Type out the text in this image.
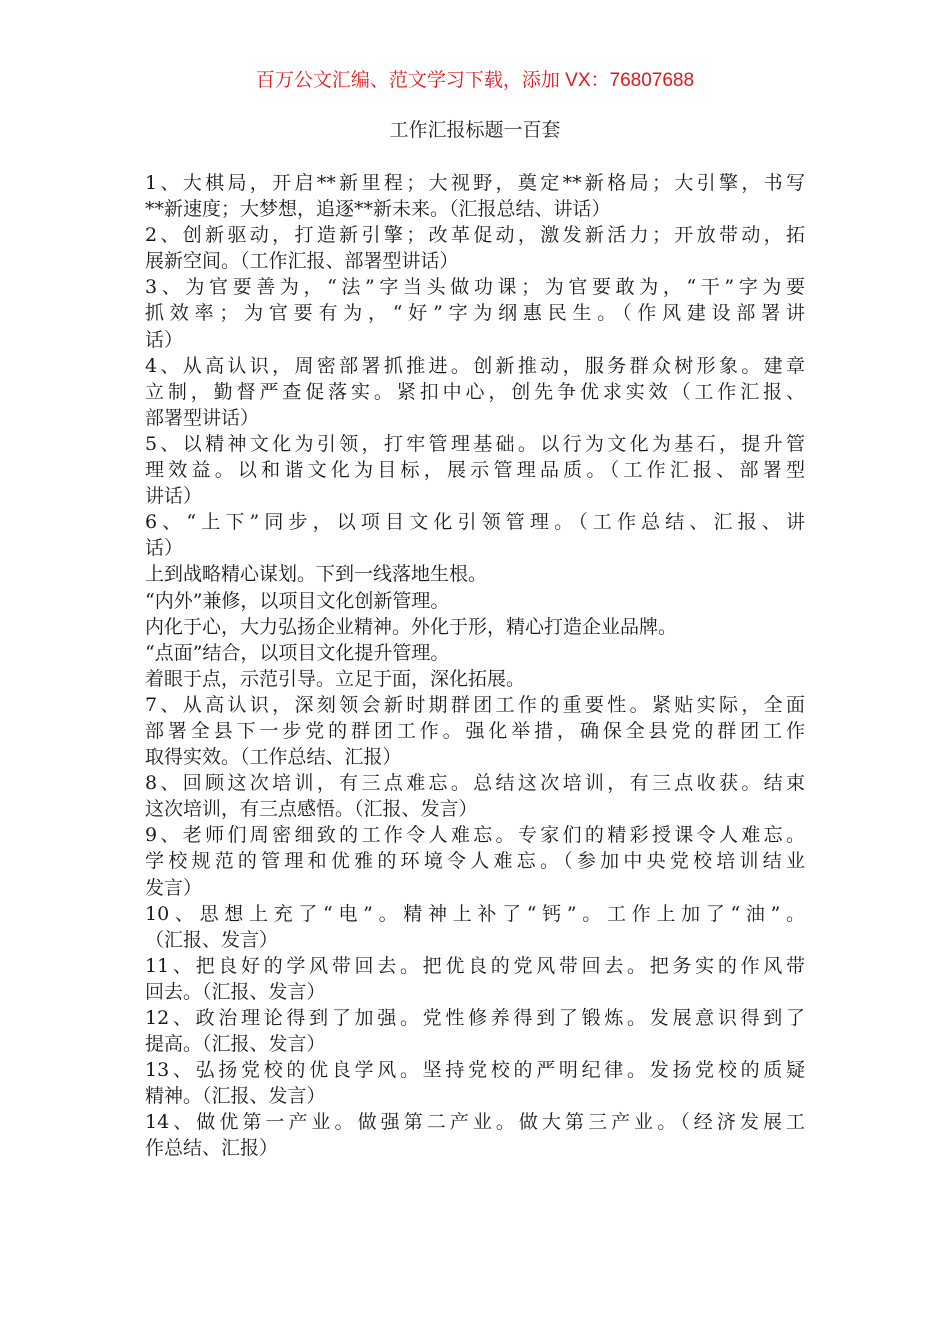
百万公文汇编、范文学习下载，添加 VX：76807688
工作汇报标题一百套
1、大棋局，开启**新里程；大视野，奠定**新格局；大引擎，书写
**新速度；大梦想，追逐**新未来。（汇报总结、讲话）
2、创新驱动，打造新引擎；改革促动，激发新活力；开放带动，拓
展新空间。（工作汇报、部署型讲话）
3、为官要善为，“法”字当头做功课；为官要敢为，“干”字为要
抓效率；为官要有为，“好”字为纲惠民生。（作风建设部署讲
话）
4、从高认识，周密部署抓推进。创新推动，服务群众树形象。建章
立制，勤督严查促落实。紧扣中心，创先争优求实效（工作汇报、
部署型讲话）
5、以精神文化为引领，打牢管理基础。以行为文化为基石，提升管
理效益。以和谐文化为目标，展示管理品质。（工作汇报、部署型
讲话）
6、“上下”同步，以项目文化引领管理。（工作总结、汇报、讲
话）
上到战略精心谋划。下到一线落地生根。
“内外”兼修，以项目文化创新管理。
内化于心，大力弘扬企业精神。外化于形，精心打造企业品牌。
“点面”结合，以项目文化提升管理。
着眼于点，示范引导。立足于面，深化拓展。
7、从高认识，深刻领会新时期群团工作的重要性。紧贴实际，全面
部署全县下一步党的群团工作。强化举措，确保全县党的群团工作
取得实效。（工作总结、汇报）
8、回顾这次培训，有三点难忘。总结这次培训，有三点收获。结束
这次培训，有三点感悟。（汇报、发言）
9、老师们周密细致的工作令人难忘。专家们的精彩授课令人难忘。
学校规范的管理和优雅的环境令人难忘。（参加中央党校培训结业
发言）
10、思想上充了“电”。精神上补了“钙”。工作上加了“油”。
（汇报、发言）
11、把良好的学风带回去。把优良的党风带回去。把务实的作风带
回去。（汇报、发言）
12、政治理论得到了加强。党性修养得到了锻炼。发展意识得到了
提高。（汇报、发言）
13、弘扬党校的优良学风。坚持党校的严明纪律。发扬党校的质疑
精神。（汇报、发言）
14、做优第一产业。做强第二产业。做大第三产业。（经济发展工
作总结、汇报）
